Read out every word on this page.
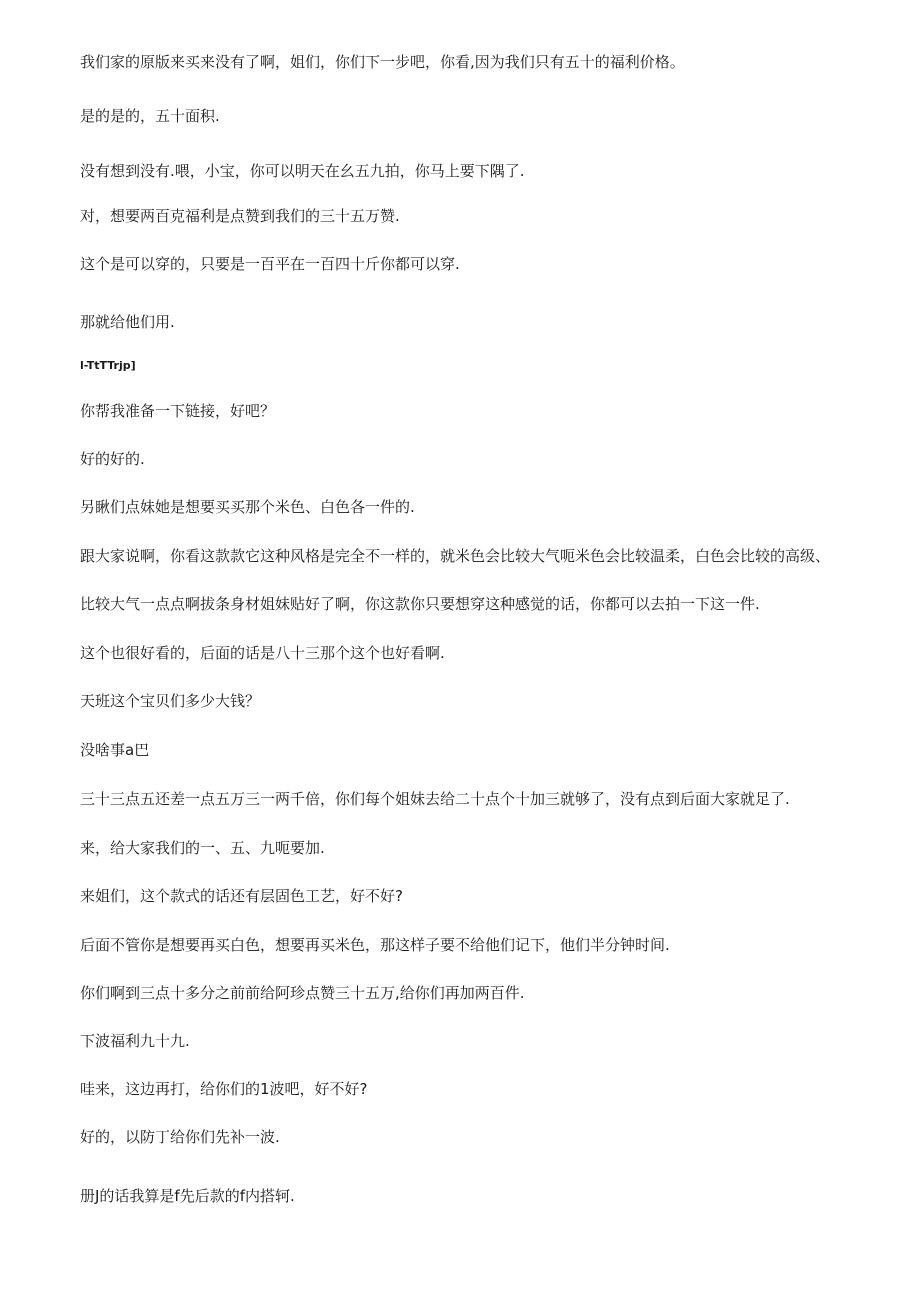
我们家的原版来买来没有了啊，姐们，你们下一步吧，你看,因为我们只有五十的福利价格。
是的是的，五十面积.
没有想到没有.喂，小宝，你可以明天在幺五九拍，你马上要下隅了.
对，想要两百克福利是点赞到我们的三十五万赞.
这个是可以穿的，只要是一百平在一百四十斤你都可以穿.
那就给他们用.
l-TtTTrjp]
你帮我准备一下链接，好吧？
好的好的.
另瞅们点妹她是想要买买那个米色、白色各一件的.
跟大家说啊，你看这款款它这种风格是完全不一样的，就米色会比较大气呃米色会比较温柔，白色会比较的高级、
比较大气一点点啊拔条身材姐妹贴好了啊，你这款你只要想穿这种感觉的话，你都可以去拍一下这一件.
这个也很好看的，后面的话是八十三那个这个也好看啊.
天班这个宝贝们多少大钱？
没啥事a巴
三十三点五还差一点五万三一两千倍，你们每个姐妹去给二十点个十加三就够了，没有点到后面大家就足了.
来，给大家我们的一、五、九呃要加.
来姐们，这个款式的话还有层固色工艺，好不好?
后面不管你是想要再买白色，想要再买米色，那这样子要不给他们记下，他们半分钟时间.
你们啊到三点十多分之前前给阿珍点赞三十五万,给你们再加两百件.
下波福利九十九.
哇来，这边再打，给你们的1波吧，好不好?
好的，以防丁给你们先补一波.
册J的话我算是f先后款的f内搭轲.
